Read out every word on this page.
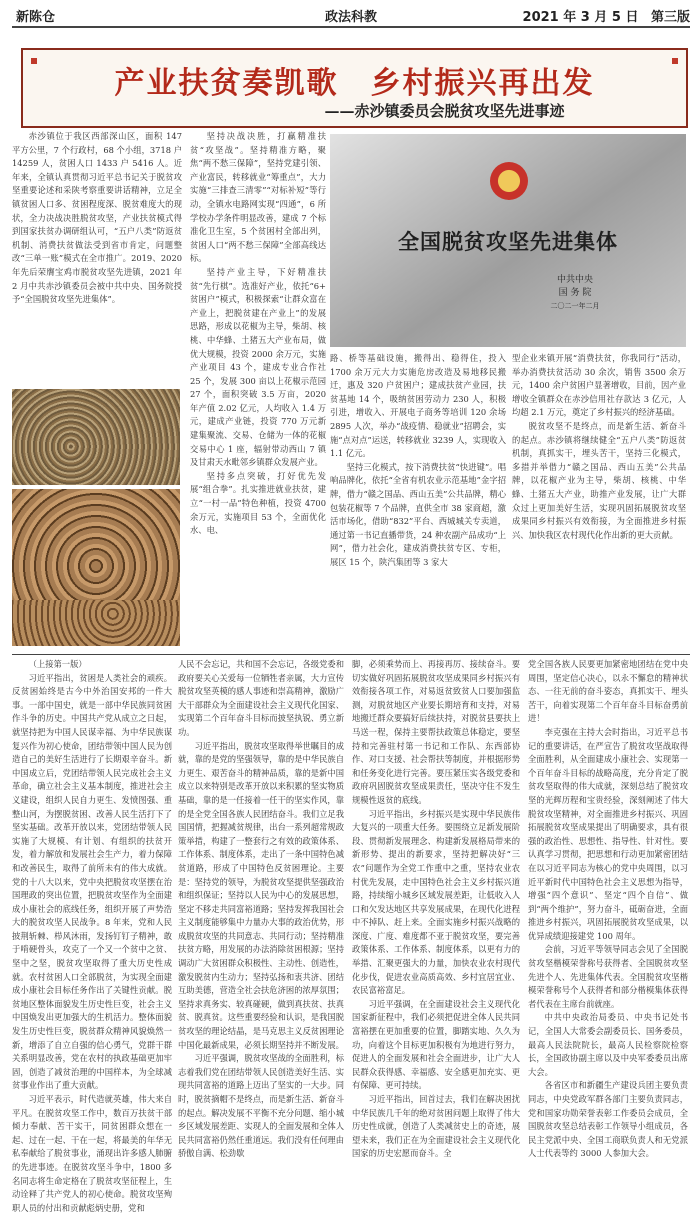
新陈仓	政法科教	2021 年 3 月 5 日 第三版
产业扶贫奏凯歌　乡村振兴再出发
——赤沙镇委员会脱贫攻坚先进事迹

赤沙镇位于我区西部深山区，面积 147 平方公里，7 个行政村，68 个小组，3718 户 14259 人，贫困人口 1433 户 5416 人。近年来，全镇认真贯彻习近平总书记关于脱贫攻坚重要论述和采陕考察重要讲话精神，立足全镇贫困人口多、贫困程度深、脱贫难度大的现状，全力决战决胜脱贫攻坚，产业扶贫模式得到国家扶贫办调研组认可，“五户八类”防返贫机制、消费扶贫做法受到省市肯定，问题整改“三单一账”模式在全市推广。2019、2020 年先后荣膺宝鸡市脱贫攻坚先进镇，2021 年 2 月中共赤沙镇委员会被中共中央、国务院授予“全国脱贫攻坚先进集体”。

坚持决战决胜，打赢精准扶贫“攻坚战”。坚持精准方略，聚焦“两不愁三保障”，坚持党建引领、产业富民，转移就业“筹重点”，大力实施“三排查三清零”“对标补短”等行动，全镇水电路网实现“四通”，6 所学校办学条件明显改善，建成 7 个标准化卫生室，5 个贫困村全部出列，贫困人口“两不愁三保障”全部高线达标。

坚持产业主导，下好精准扶贫“先行棋”。选准好产业，依托“6+ 贫困户”模式，积极探索“让群众富在产业上，把脱贫建在产业上”的发展思路，形成以花椒为主导，柴胡、核桃、中华蜂、土猪五大产业布局，做优大规模，投资 2000 余万元，实施产业项目 43 个，建成专业合作社 25 个，发展 300 亩以上花椒示范园 27 个，面积突破 3.5 万亩，2020 年产值 2.02 亿元，人均收入 1.4 万元，建成产业链，投资 770 万元新建集聚流、交易、仓储为一体的花椒交易中心 1 座，辐射带动西山 7 镇及甘肃天水毗邻乡镇群众发展产业。

坚持多点突破，打好优先发展“组合拳”。扎实推进就业扶贫，建立“一村一品”特色种植，投资 4700 余万元，实施项目 53 个，全面优化水、电、

全国脱贫攻坚先进集体
中共中央
国 务 院
二〇二一年二月

路、桥等基础设施，搬得出、稳得住，投入 1700 余万元大力实施危房改造及易地移民搬迁，惠及 320 户贫困户；建成扶贫产业园，扶贫基地 14 个，吸纳贫困劳动力 230 人，积极引进，增收入、开展电子商务等培训 120 余场 2895 人次，举办“战疫情、稳就业”招聘会，实施“点对点”运送，转移就业 3239 人，实现收入 1.1 亿元。

坚持三化模式，按下消费扶贫“快进键”。唱响品牌化，依托“全省有机农业示范基地”金字招牌，借力“赣之国品、西山五美”公共品牌，精心包装花椒等 7 个品牌，直供全市 38 家商超，激活市场化，借助“832”平台、西城城关专卖道，通过第一书记直播带货，24 种农副产品成功“上网”，借力社会化，建成消费扶贫专区、专柜，展区 15 个，陕汽集团等 3 家大

型企业来镇开展“消费扶贫，你我同行”活动，举办消费扶贫活动 30 余次，销售 3500 余万元，1400 余户贫困户显著增收，目前，因产业增收全镇群众在赤沙信用社存款达 3 亿元，人均超 2.1 万元，奠定了乡村振兴的经济基础。

脱贫攻坚不是终点，而是新生活、新奋斗的起点。赤沙镇将继续健全“五户八类”防返贫机制，真抓实干，埋头苦干，坚持三化模式，多措并举借力“赣之国品、西山五美”公共品牌，以花椒产业为主导，柴胡、核桃、中华蜂、土猪五大产业，助推产业发展，让广大群众过上更加美好生活，实现巩固拓展脱贫攻坚成果同乡村振兴有效衔接，为全面推进乡村振兴、加快我区农村现代化作出新的更大贡献。

（上接第一版）

习近平指出，贫困是人类社会的顽疾。反贫困始终是古今中外治国安邦的一件大事。一部中国史，就是一部中华民族同贫困作斗争的历史。中国共产党从成立之日起，就坚持把为中国人民谋幸福、为中华民族谋复兴作为初心使命，团结带领中国人民为创造自己的美好生活进行了长期艰辛奋斗。新中国成立后，党团结带领人民完成社会主义革命，确立社会主义基本制度，推进社会主义建设，组织人民自力更生、发愤图强、重整山河，为摆脱贫困、改善人民生活打下了坚实基础。改革开放以来，党团结带领人民实施了大规模、有计划、有组织的扶贫开发，着力解放和发展社会生产力，着力保障和改善民生，取得了前所未有的伟大成就。党的十八大以来，党中央把脱贫攻坚摆在治国理政的突出位置，把脱贫攻坚作为全面建成小康社会的底线任务，组织开展了声势浩大的脱贫攻坚人民战争。8 年来，党和人民披荆斩棘、栉风沐雨，发扬钉钉子精神，敢于啃硬骨头，攻克了一个又一个贫中之贫、坚中之坚，脱贫攻坚取得了重大历史性成就。农村贫困人口全部脱贫，为实现全面建成小康社会目标任务作出了关键性贡献。脱贫地区整体面貌发生历史性巨变，社会主义中国焕发出更加强大的生机活力。整体面貌发生历史性巨变，脱贫群众精神风貌焕然一新，增添了自立自强的信心勇气，党群干群关系明显改善，党在农村的执政基础更加牢固，创造了减贫治理的中国样本，为全球减贫事业作出了重大贡献。

习近平表示，时代造就英雄，伟大来自平凡。在脱贫攻坚工作中，数百万扶贫干部倾力奉献、苦干实干，同贫困群众想在一起、过在一起、干在一起，将最美的年华无私奉献给了脱贫事业，涌现出许多感人肺腑的先进事迹。在脱贫攻坚斗争中，1800 多名同志将生命定格在了脱贫攻坚征程上，生动诠释了共产党人的初心使命。脱贫攻坚殉职人员的付出和贡献彪炳史册，党和

人民不会忘记，共和国不会忘记，各级党委和政府要关心关爱每一位牺牲者亲属，大力宣传脱贫攻坚英模的感人事迹和崇高精神，激励广大干部群众为全面建设社会主义现代化国家、实现第二个百年奋斗目标而披坚执锐、勇立新功。

习近平指出，脱贫攻坚取得举世瞩目的成就，靠的是党的坚强领导，靠的是中华民族自力更生、艰苦奋斗的精神品质，靠的是新中国成立以来特别是改革开放以来积累的坚实物质基础，靠的是一任接着一任干的坚实作风，靠的是全党全国各族人民团结奋斗。我们立足我国国情，把握减贫规律，出台一系列超常规政策举措，构建了一整套行之有效的政策体系、工作体系、制度体系，走出了一条中国特色减贫道路，形成了中国特色反贫困理论。主要是：坚持党的领导，为脱贫攻坚提供坚强政治和组织保证；坚持以人民为中心的发展思想，坚定不移走共同富裕道路；坚持发挥我国社会主义制度能够集中力量办大事的政治优势，形成脱贫攻坚的共同意志、共同行动；坚持精准扶贫方略，用发展的办法消除贫困根源；坚持调动广大贫困群众积极性、主动性、创造性，激发脱贫内生动力；坚持弘扬和衷共济、团结互助美德，营造全社会扶危济困的浓厚氛围；坚持求真务实、较真碰硬，做到真扶贫、扶真贫、脱真贫。这些重要经验和认识，是我国脱贫攻坚的理论结晶，是马克思主义反贫困理论中国化最新成果，必须长期坚持并不断发展。

习近平强调，脱贫攻坚战的全面胜利，标志着我们党在团结带领人民创造美好生活、实现共同富裕的道路上迈出了坚实的一大步。同时，脱贫摘帽不是终点，而是新生活、新奋斗的起点。解决发展不平衡不充分问题、缩小城乡区域发展差距、实现人的全面发展和全体人民共同富裕仍然任重道远。我们没有任何理由骄傲自满、松劲歇

脚，必须乘势而上、再接再厉、接续奋斗。要切实做好巩固拓展脱贫攻坚成果同乡村振兴有效衔接各项工作，对易返贫致贫人口要加强监测，对脱贫地区产业要长期培育和支持，对易地搬迁群众要搞好后续扶持，对脱贫县要扶上马送一程，保持主要帮扶政策总体稳定，要坚持和完善驻村第一书记和工作队、东西部协作、对口支援、社会帮扶等制度，并根据形势和任务变化进行完善。要压紧压实各级党委和政府巩固脱贫攻坚成果责任，坚决守住不发生规模性返贫的底线。

习近平指出，乡村振兴是实现中华民族伟大复兴的一项重大任务。要围绕立足新发展阶段、贯彻新发展理念、构建新发展格局带来的新形势、提出的新要求，坚持把解决好“三农”问题作为全党工作重中之重，坚持农业农村优先发展，走中国特色社会主义乡村振兴道路，持续缩小城乡区域发展差距，让低收入人口和欠发达地区共享发展成果，在现代化进程中不掉队、赶上来。全面实施乡村振兴战略的深度、广度、难度都不亚于脱贫攻坚，要完善政策体系、工作体系、制度体系，以更有力的举措、汇聚更强大的力量，加快农业农村现代化步伐，促进农业高质高效、乡村宜居宜业、农民富裕富足。

习近平强调，在全面建设社会主义现代化国家新征程中，我们必须把促进全体人民共同富裕摆在更加重要的位置，脚踏实地、久久为功，向着这个目标更加积极有为地进行努力，促进人的全面发展和社会全面进步，让广大人民群众获得感、幸福感、安全感更加充实、更有保障、更可持续。

习近平指出，回首过去，我们在解决困扰中华民族几千年的绝对贫困问题上取得了伟大历史性成就，创造了人类减贫史上的奇迹，展望未来，我们正在为全面建设社会主义现代化国家的历史宏愿而奋斗。全

党全国各族人民要更加紧密地团结在党中央周围，坚定信心决心，以永不懈怠的精神状态、一往无前的奋斗姿态，真抓实干、埋头苦干，向着实现第二个百年奋斗目标奋勇前进！

李克强在主持大会时指出，习近平总书记的重要讲话，在严宣告了脱贫攻坚战取得全面胜利，从全面建成小康社会、实现第一个百年奋斗目标的战略高度，充分肯定了脱贫攻坚取得的伟大成就，深刻总结了脱贫攻坚的光辉历程和宝贵经验，深刻阐述了伟大脱贫攻坚精神，对全面推进乡村振兴、巩固拓展脱贫攻坚成果提出了明确要求，具有很强的政治性、思想性、指导性、针对性。要认真学习贯彻，把思想和行动更加紧密团结在以习近平同志为核心的党中央周围，以习近平新时代中国特色社会主义思想为指导，增强“四个意识”、坚定“四个自信”、做到“两个维护”，努力奋斗，砥砺奋进，全面推进乡村振兴，巩固拓展脱贫攻坚成果，以优异成绩迎接建党 100 周年。

会前，习近平等领导同志会见了全国脱贫攻坚楷模荣誉称号获得者、全国脱贫攻坚先进个人、先进集体代表。全国脱贫攻坚楷模荣誉称号个人获得者和部分楷模集体获得者代表在主席台前就座。

中共中央政治局委员、中央书记处书记，全国人大常委会副委员长、国务委员，最高人民法院院长，最高人民检察院检察长，全国政协副主席以及中央军委委员出席大会。

各省区市和新疆生产建设兵团主要负责同志，中央党政军群各部门主要负责同志，党和国家功勋荣誉表彰工作委员会成员，全国脱贫攻坚总结表彰工作领导小组成员，各民主党派中央、全国工商联负责人和无党派人士代表等约 3000 人参加大会。
